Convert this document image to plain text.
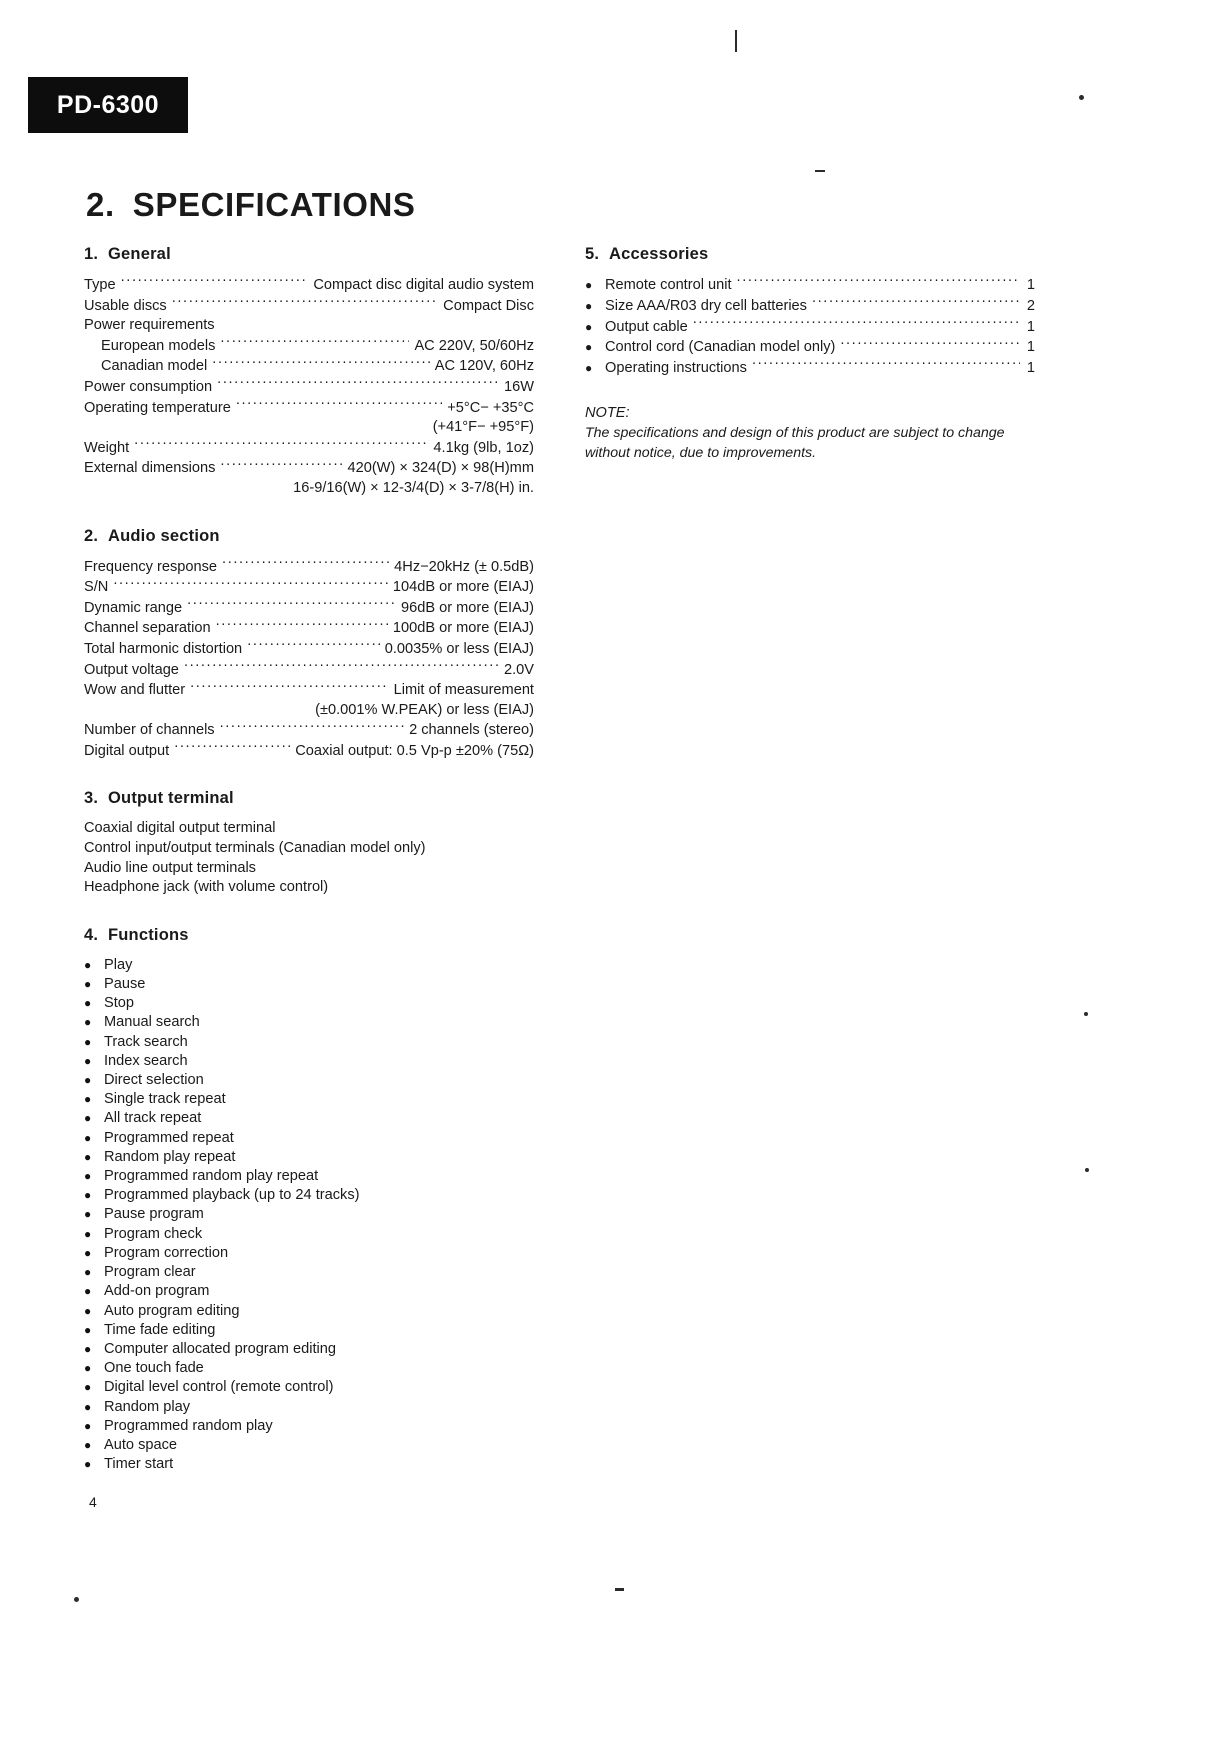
PD-6300
2. SPECIFICATIONS
1. General
Type .....	Compact disc digital audio system
Usable discs .....	Compact Disc
Power requirements
European models .....	AC 220V, 50/60Hz
Canadian model .....	AC 120V, 60Hz
Power consumption .....	16W
Operating temperature .....	+5°C− +35°C
(+41°F− +95°F)
Weight .....	4.1kg (9lb, 1oz)
External dimensions .....	420(W) × 324(D) × 98(H)mm
16-9/16(W) × 12-3/4(D) × 3-7/8(H) in.
2. Audio section
Frequency response .....	4Hz−20kHz (± 0.5dB)
S/N .....	104dB or more (EIAJ)
Dynamic range .....	96dB or more (EIAJ)
Channel separation .....	100dB or more (EIAJ)
Total harmonic distortion .....	0.0035% or less (EIAJ)
Output voltage .....	2.0V
Wow and flutter .....	Limit of measurement
(±0.001% W.PEAK) or less (EIAJ)
Number of channels .....	2 channels (stereo)
Digital output .....	Coaxial output: 0.5 Vp-p ±20% (75Ω)
3. Output terminal
Coaxial digital output terminal
Control input/output terminals (Canadian model only)
Audio line output terminals
Headphone jack (with volume control)
4. Functions
● Play
● Pause
● Stop
● Manual search
● Track search
● Index search
● Direct selection
● Single track repeat
● All track repeat
● Programmed repeat
● Random play repeat
● Programmed random play repeat
● Programmed playback (up to 24 tracks)
● Pause program
● Program check
● Program correction
● Program clear
● Add-on program
● Auto program editing
● Time fade editing
● Computer allocated program editing
● One touch fade
● Digital level control (remote control)
● Random play
● Programmed random play
● Auto space
● Timer start
5. Accessories
● Remote control unit .....	1
● Size AAA/R03 dry cell batteries .....	2
● Output cable .....	1
● Control cord (Canadian model only) .....	1
● Operating instructions .....	1
NOTE:
The specifications and design of this product are subject to change without notice, due to improvements.
4
